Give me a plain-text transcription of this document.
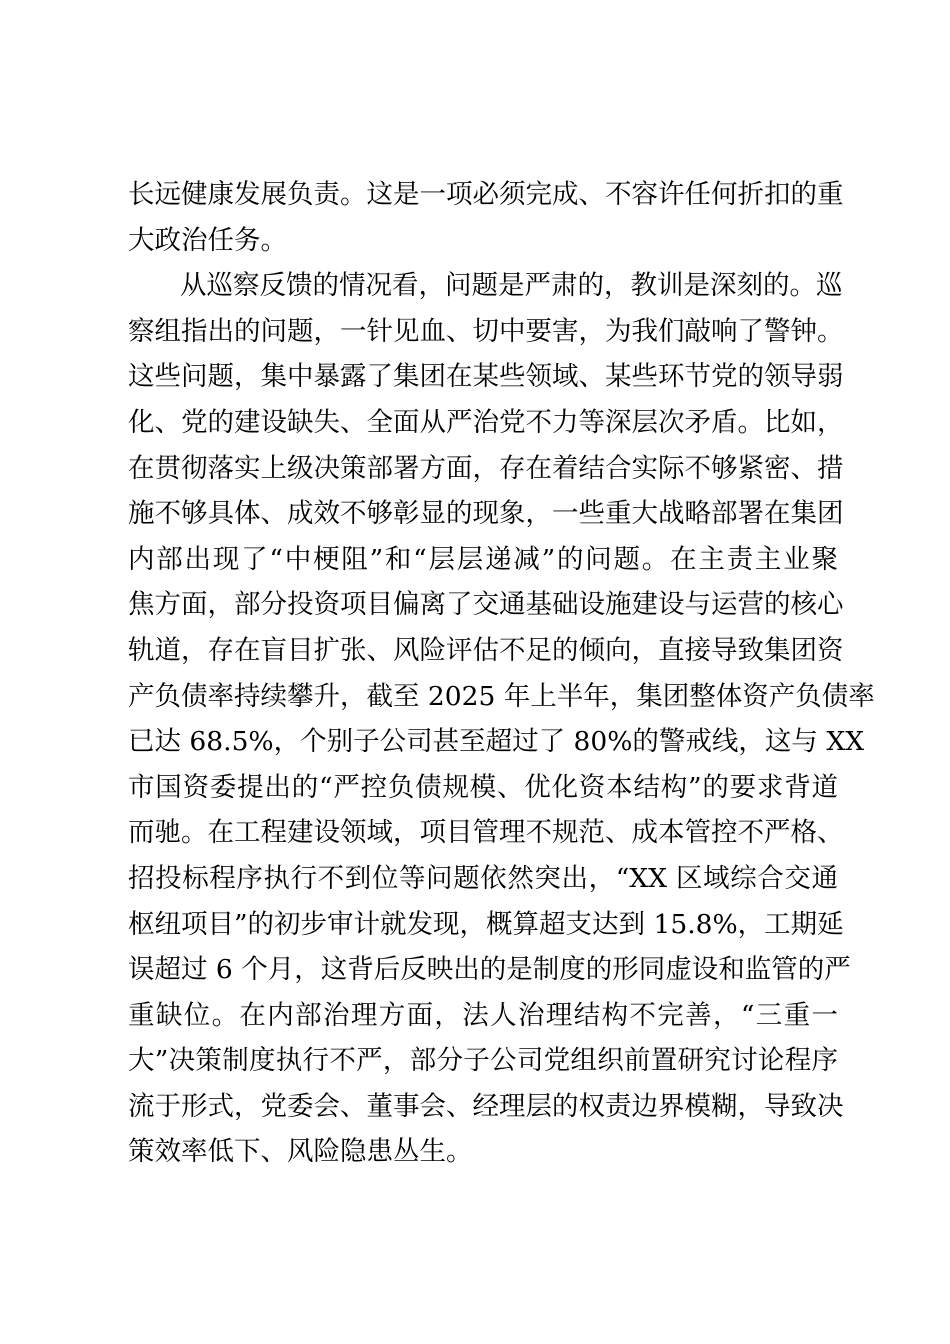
长远健康发展负责。这是一项必须完成、不容许任何折扣的重
大政治任务。
从巡察反馈的情况看，问题是严肃的，教训是深刻的。巡
察组指出的问题，一针见血、切中要害，为我们敲响了警钟。
这些问题，集中暴露了集团在某些领域、某些环节党的领导弱
化、党的建设缺失、全面从严治党不力等深层次矛盾。比如，
在贯彻落实上级决策部署方面，存在着结合实际不够紧密、措
施不够具体、成效不够彰显的现象，一些重大战略部署在集团
内部出现了“中梗阻”和“层层递减”的问题。在主责主业聚
焦方面，部分投资项目偏离了交通基础设施建设与运营的核心
轨道，存在盲目扩张、风险评估不足的倾向，直接导致集团资
产负债率持续攀升，截至 2025 年上半年，集团整体资产负债率
已达 68.5%，个别子公司甚至超过了 80%的警戒线，这与 XX
市国资委提出的“严控负债规模、优化资本结构”的要求背道
而驰。在工程建设领域，项目管理不规范、成本管控不严格、
招投标程序执行不到位等问题依然突出，“XX 区域综合交通
枢纽项目”的初步审计就发现，概算超支达到 15.8%，工期延
误超过 6 个月，这背后反映出的是制度的形同虚设和监管的严
重缺位。在内部治理方面，法人治理结构不完善，“三重一
大”决策制度执行不严，部分子公司党组织前置研究讨论程序
流于形式，党委会、董事会、经理层的权责边界模糊，导致决
策效率低下、风险隐患丛生。
